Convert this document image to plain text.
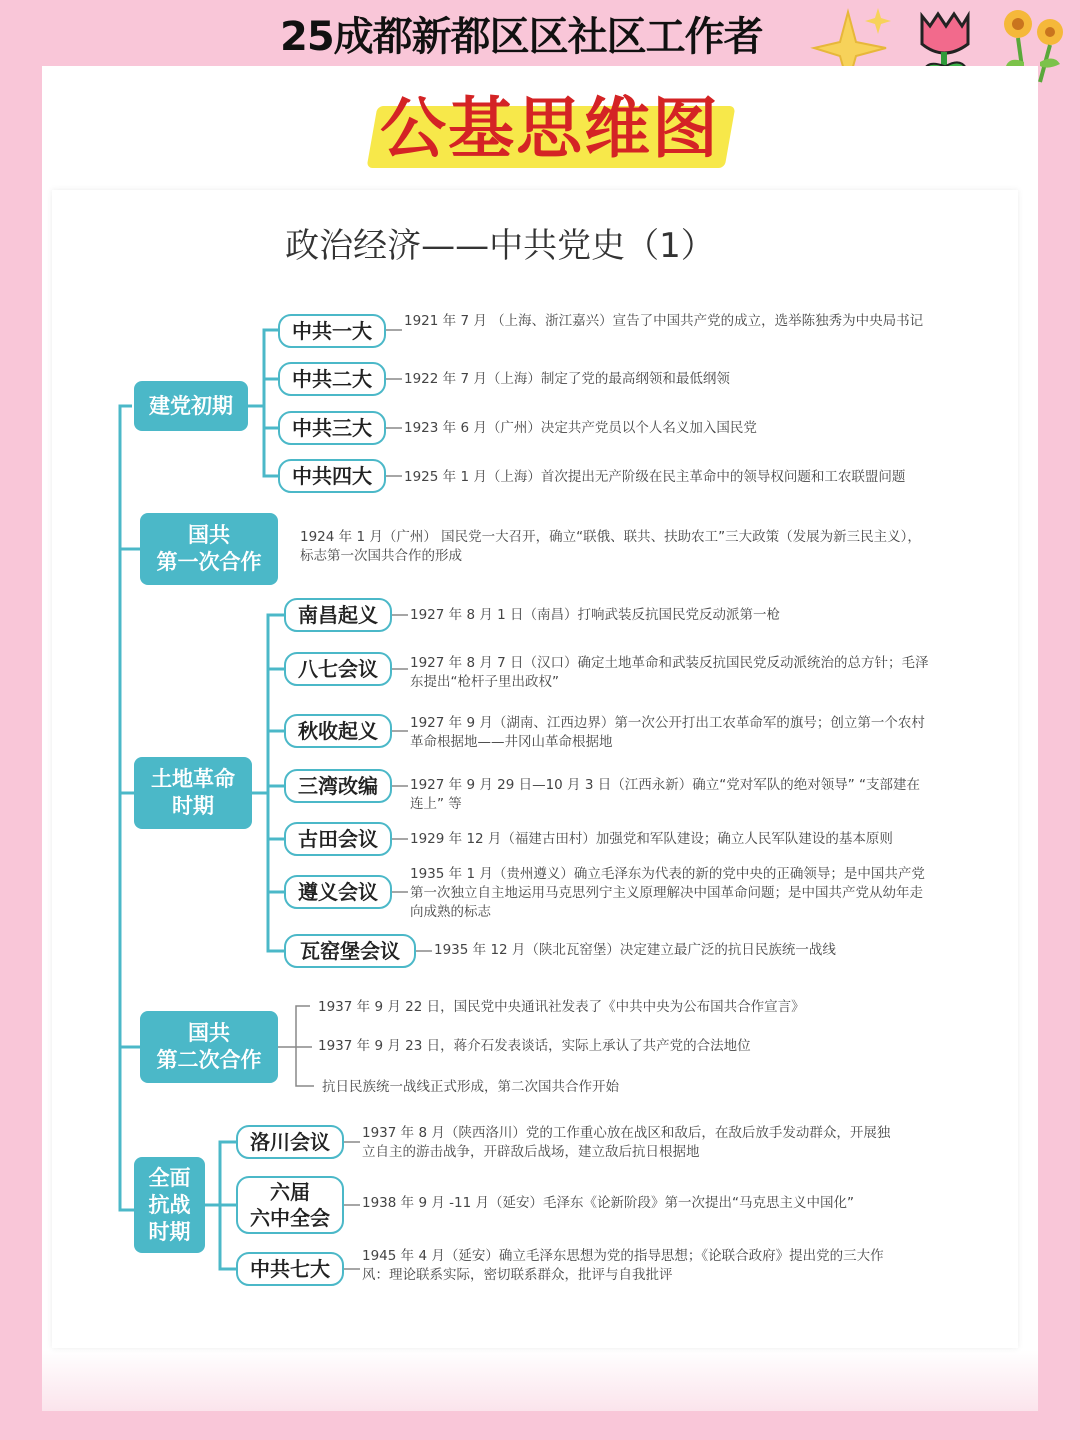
25成都新都区区社区工作者
公基思维图
政治经济——中共党史（1）
建党初期
中共一大 1921 年 7 月 （上海、浙江嘉兴）宣告了中国共产党的成立，选举陈独秀为中央局书记
中共二大 1922 年 7 月（上海）制定了党的最高纲领和最低纲领
中共三大 1923 年 6 月（广州）决定共产党员以个人名义加入国民党
中共四大 1925 年 1 月（上海）首次提出无产阶级在民主革命中的领导权问题和工农联盟问题
国共
第一次合作
1924 年 1 月（广州） 国民党一大召开，确立“联俄、联共、扶助农工”三大政策（发展为新三民主义），标志第一次国共合作的形成
土地革命
时期
南昌起义 1927 年 8 月 1 日（南昌）打响武装反抗国民党反动派第一枪
八七会议 1927 年 8 月 7 日（汉口）确定土地革命和武装反抗国民党反动派统治的总方针；毛泽东提出“枪杆子里出政权”
秋收起义 1927 年 9 月（湖南、江西边界）第一次公开打出工农革命军的旗号；创立第一个农村革命根据地——井冈山革命根据地
三湾改编 1927 年 9 月 29 日—10 月 3 日（江西永新）确立“党对军队的绝对领导” “支部建在连上” 等
古田会议 1929 年 12 月（福建古田村）加强党和军队建设；确立人民军队建设的基本原则
遵义会议
1935 年 1 月（贵州遵义）确立毛泽东为代表的新的党中央的正确领导；是中国共产党第一次独立自主地运用马克思列宁主义原理解决中国革命问题；是中国共产党从幼年走向成熟的标志
瓦窑堡会议	1935 年 12 月（陕北瓦窑堡）决定建立最广泛的抗日民族统一战线
国共
第二次合作
1937 年 9 月 22 日，国民党中央通讯社发表了《中共中央为公布国共合作宣言》
1937 年 9 月 23 日，蒋介石发表谈话，实际上承认了共产党的合法地位
抗日民族统一战线正式形成，第二次国共合作开始
全面
抗战
时期
洛川会议 1937 年 8 月（陕西洛川）党的工作重心放在战区和敌后，在敌后放手发动群众，开展独立自主的游击战争，开辟敌后战场，建立敌后抗日根据地
六届
六中全会
1938 年 9 月 -11 月（延安）毛泽东《论新阶段》第一次提出“马克思主义中国化”
中共七大
1945 年 4 月（延安）确立毛泽东思想为党的指导思想；《论联合政府》提出党的三大作风：理论联系实际，密切联系群众，批评与自我批评
